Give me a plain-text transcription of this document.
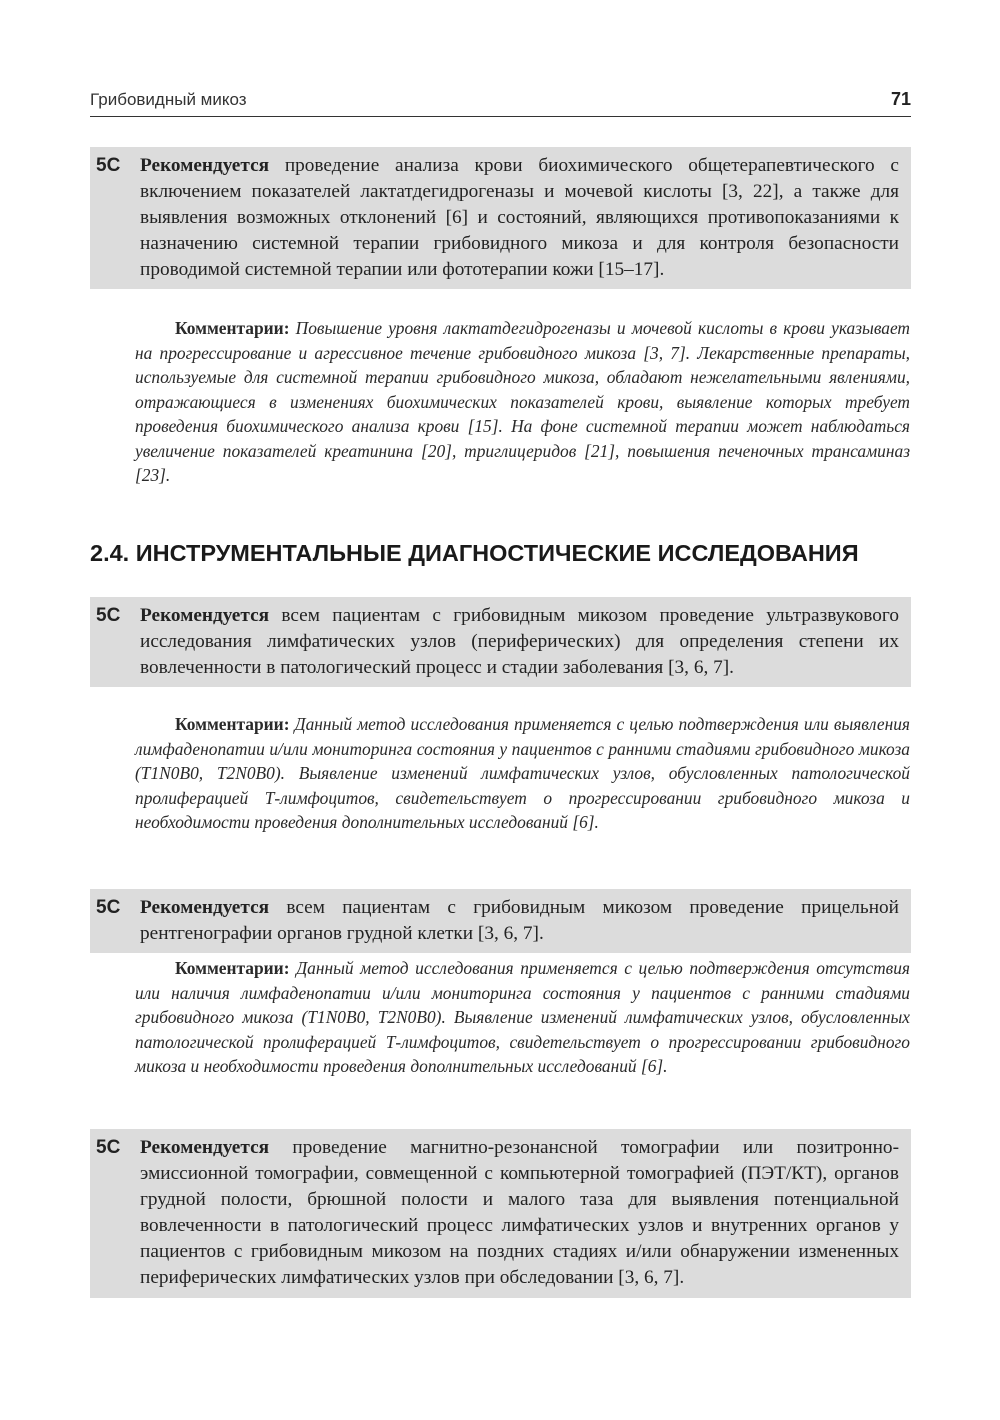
Грибовидный микоз	71
5C Рекомендуется проведение анализа крови биохимического общетерапевтического с включением показателей лактатдегидрогеназы и мочевой кислоты [3, 22], а также для выявления возможных отклонений [6] и состояний, являющихся противопоказаниями к назначению системной терапии грибовидного микоза и для контроля безопасности проводимой системной терапии или фототерапии кожи [15–17].
Комментарии: Повышение уровня лактатдегидрогеназы и мочевой кислоты в крови указывает на прогрессирование и агрессивное течение грибовидного микоза [3, 7]. Лекарственные препараты, используемые для системной терапии грибовидного микоза, обладают нежелательными явлениями, отражающиеся в изменениях биохимических показателей крови, выявление которых требует проведения биохимического анализа крови [15]. На фоне системной терапии может наблюдаться увеличение показателей креатинина [20], триглицеридов [21], повышения печеночных трансаминаз [23].
2.4. ИНСТРУМЕНТАЛЬНЫЕ ДИАГНОСТИЧЕСКИЕ ИССЛЕДОВАНИЯ
5C Рекомендуется всем пациентам с грибовидным микозом проведение ультразвукового исследования лимфатических узлов (периферических) для определения степени их вовлеченности в патологический процесс и стадии заболевания [3, 6, 7].
Комментарии: Данный метод исследования применяется с целью подтверждения или выявления лимфаденопатии и/или мониторинга состояния у пациентов с ранними стадиями грибовидного микоза (T1N0B0, T2N0B0). Выявление изменений лимфатических узлов, обусловленных патологической пролиферацией Т-лимфоцитов, свидетельствует о прогрессировании грибовидного микоза и необходимости проведения дополнительных исследований [6].
5C Рекомендуется всем пациентам с грибовидным микозом проведение прицельной рентгенографии органов грудной клетки [3, 6, 7].
Комментарии: Данный метод исследования применяется с целью подтверждения отсутствия или наличия лимфаденопатии и/или мониторинга состояния у пациентов с ранними стадиями грибовидного микоза (T1N0B0, T2N0B0). Выявление изменений лимфатических узлов, обусловленных патологической пролиферацией Т-лимфоцитов, свидетельствует о прогрессировании грибовидного микоза и необходимости проведения дополнительных исследований [6].
5C Рекомендуется проведение магнитно-резонансной томографии или позитронно-эмиссионной томографии, совмещенной с компьютерной томографией (ПЭТ/КТ), органов грудной полости, брюшной полости и малого таза для выявления потенциальной вовлеченности в патологический процесс лимфатических узлов и внутренних органов у пациентов с грибовидным микозом на поздних стадиях и/или обнаружении измененных периферических лимфатических узлов при обследовании [3, 6, 7].
